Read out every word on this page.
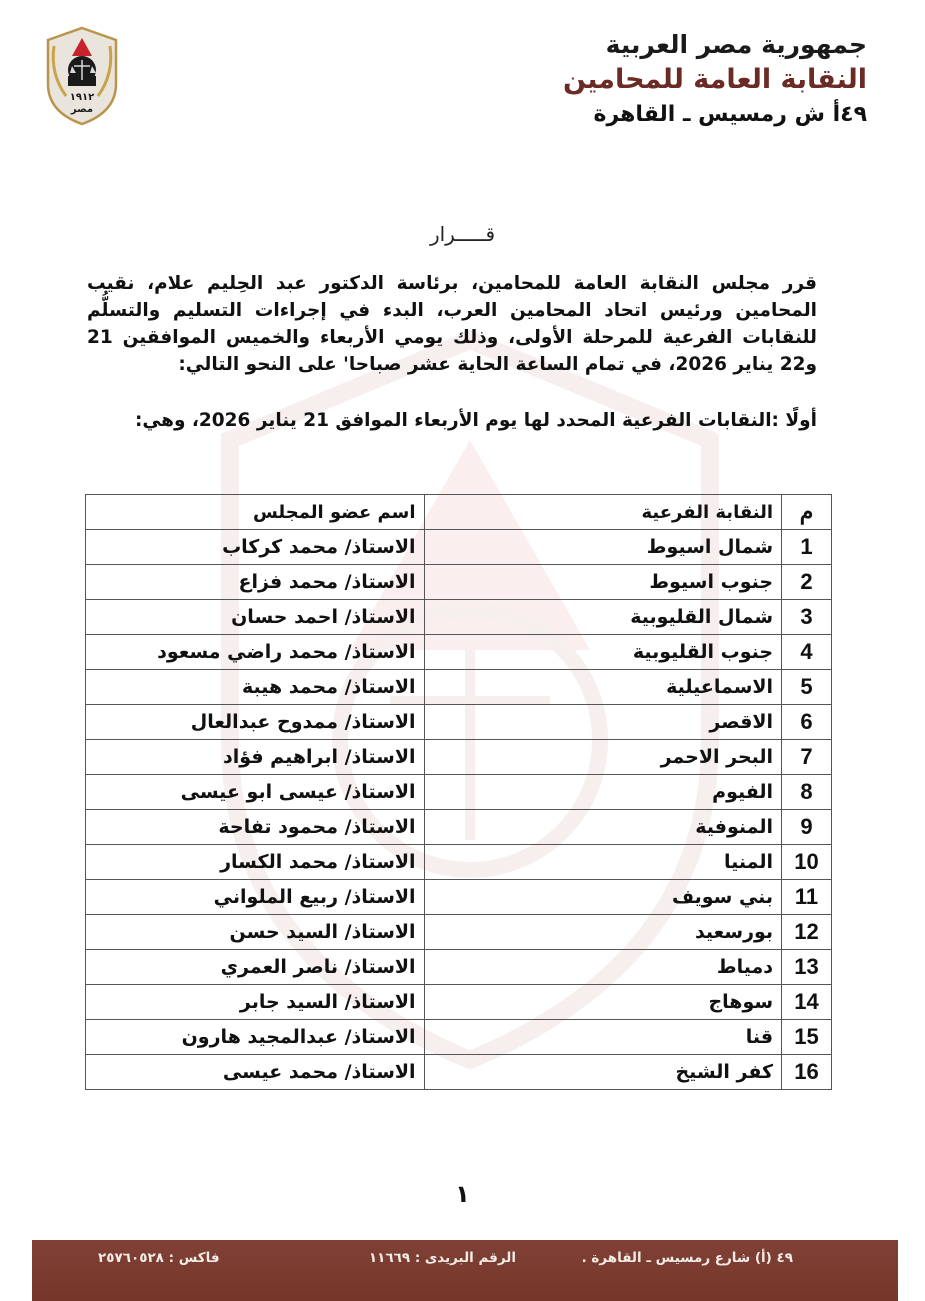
١٩١٢
مصر
جمهورية مصر العربية
النقابة العامة للمحامين
٤٩أ ش رمسيس ـ القاهرة
قـــــرار

قرر مجلس النقابة العامة للمحامين، برئاسة الدكتور عبد الحِليم علام، نقيب المحامين ورئيس اتحاد المحامين العرب، البدء في إجراءات التسليم والتسلُّم للنقابات الفرعية للمرحلة الأولى، وذلك يومي الأربعاء والخميس الموافقين 21 و22 يناير 2026، في تمام الساعة الحاية عشر صباحا' على النحو التالي:

أولًا :النقابات الفرعية المحدد لها يوم الأربعاء الموافق 21 يناير 2026، وهي:

م	النقابة الفرعية	اسم عضو المجلس
1	شمال اسيوط	الاستاذ/ محمد كركاب
2	جنوب اسيوط	الاستاذ/ محمد فزاع
3	شمال القليوبية	الاستاذ/ احمد حسان
4	جنوب القليوبية	الاستاذ/ محمد راضي مسعود
5	الاسماعيلية	الاستاذ/ محمد هيبة
6	الاقصر	الاستاذ/ ممدوح عبدالعال
7	البحر الاحمر	الاستاذ/ ابراهيم فؤاد
8	الفيوم	الاستاذ/ عيسى ابو عيسى
9	المنوفية	الاستاذ/ محمود تفاحة
10	المنيا	الاستاذ/ محمد الكسار
11	بني سويف	الاستاذ/ ربيع الملواني
12	بورسعيد	الاستاذ/ السيد حسن
13	دمياط	الاستاذ/ ناصر العمري
14	سوهاج	الاستاذ/ السيد جابر
15	قنا	الاستاذ/ عبدالمجيد هارون
16	كفر الشيخ	الاستاذ/ محمد عيسى
١
٤٩ (أ) شارع رمسيس ـ القاهرة .
الرقم البريدى : ١١٦٦٩
فاكس : ٢٥٧٦٠٥٢٨
